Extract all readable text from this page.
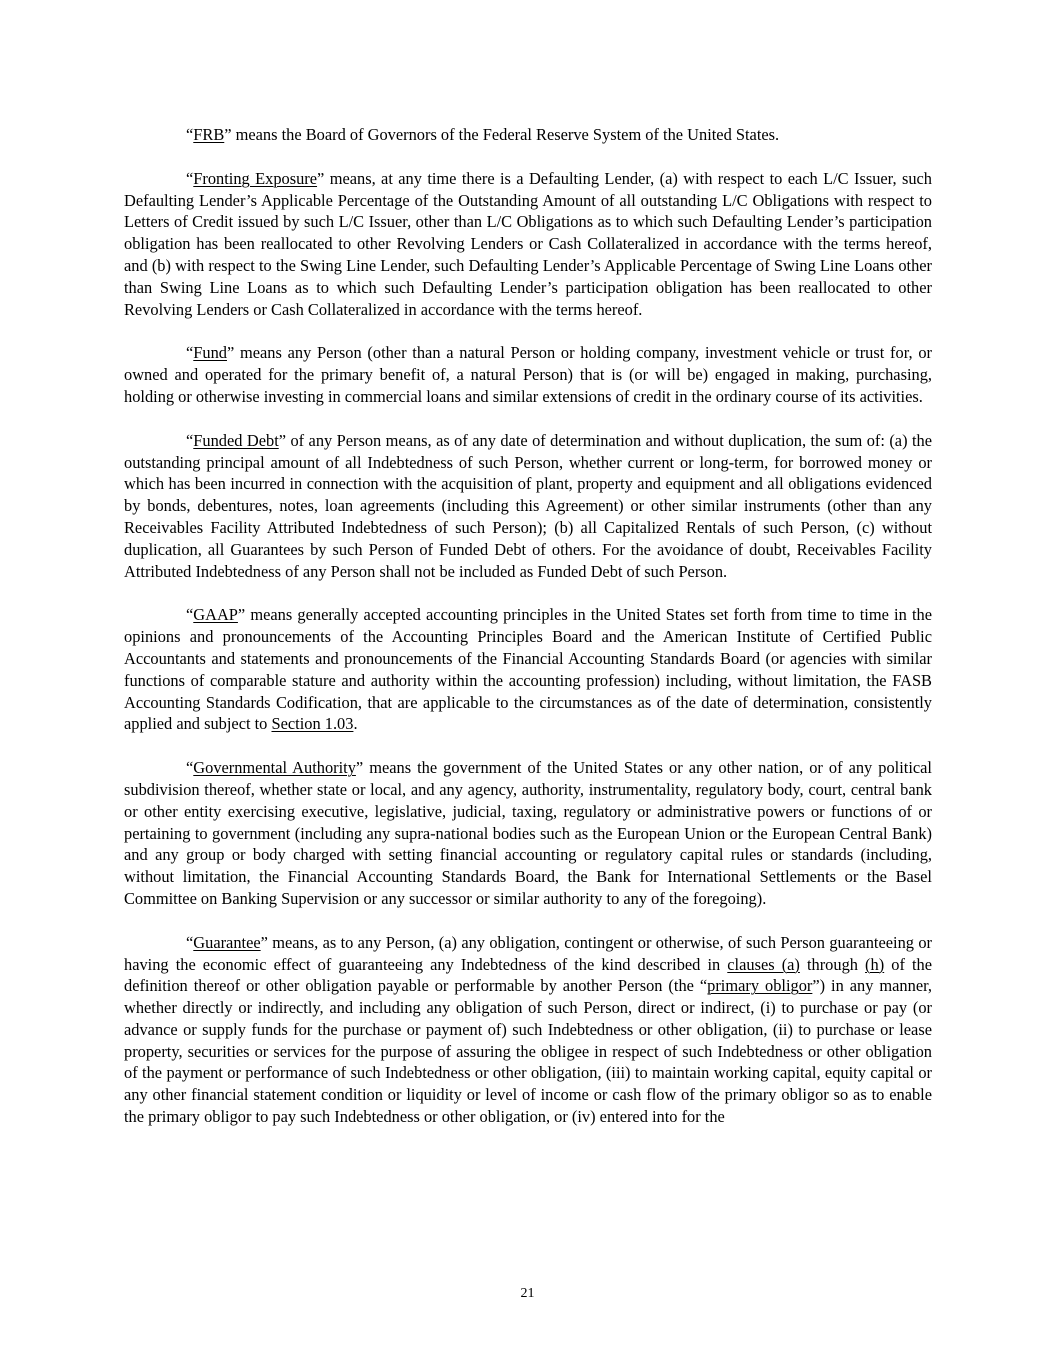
“FRB” means the Board of Governors of the Federal Reserve System of the United States.

“Fronting Exposure” means, at any time there is a Defaulting Lender, (a) with respect to each L/C Issuer, such Defaulting Lender’s Applicable Percentage of the Outstanding Amount of all outstanding L/C Obligations with respect to Letters of Credit issued by such L/C Issuer, other than L/C Obligations as to which such Defaulting Lender’s participation obligation has been reallocated to other Revolving Lenders or Cash Collateralized in accordance with the terms hereof, and (b) with respect to the Swing Line Lender, such Defaulting Lender’s Applicable Percentage of Swing Line Loans other than Swing Line Loans as to which such Defaulting Lender’s participation obligation has been reallocated to other Revolving Lenders or Cash Collateralized in accordance with the terms hereof.

“Fund” means any Person (other than a natural Person or holding company, investment vehicle or trust for, or owned and operated for the primary benefit of, a natural Person) that is (or will be) engaged in making, purchasing, holding or otherwise investing in commercial loans and similar extensions of credit in the ordinary course of its activities.

“Funded Debt” of any Person means, as of any date of determination and without duplication, the sum of: (a) the outstanding principal amount of all Indebtedness of such Person, whether current or long-term, for borrowed money or which has been incurred in connection with the acquisition of plant, property and equipment and all obligations evidenced by bonds, debentures, notes, loan agreements (including this Agreement) or other similar instruments (other than any Receivables Facility Attributed Indebtedness of such Person); (b) all Capitalized Rentals of such Person, (c) without duplication, all Guarantees by such Person of Funded Debt of others. For the avoidance of doubt, Receivables Facility Attributed Indebtedness of any Person shall not be included as Funded Debt of such Person.

“GAAP” means generally accepted accounting principles in the United States set forth from time to time in the opinions and pronouncements of the Accounting Principles Board and the American Institute of Certified Public Accountants and statements and pronouncements of the Financial Accounting Standards Board (or agencies with similar functions of comparable stature and authority within the accounting profession) including, without limitation, the FASB Accounting Standards Codification, that are applicable to the circumstances as of the date of determination, consistently applied and subject to Section 1.03.

“Governmental Authority” means the government of the United States or any other nation, or of any political subdivision thereof, whether state or local, and any agency, authority, instrumentality, regulatory body, court, central bank or other entity exercising executive, legislative, judicial, taxing, regulatory or administrative powers or functions of or pertaining to government (including any supra-national bodies such as the European Union or the European Central Bank) and any group or body charged with setting financial accounting or regulatory capital rules or standards (including, without limitation, the Financial Accounting Standards Board, the Bank for International Settlements or the Basel Committee on Banking Supervision or any successor or similar authority to any of the foregoing).

“Guarantee” means, as to any Person, (a) any obligation, contingent or otherwise, of such Person guaranteeing or having the economic effect of guaranteeing any Indebtedness of the kind described in clauses (a) through (h) of the definition thereof or other obligation payable or performable by another Person (the “primary obligor”) in any manner, whether directly or indirectly, and including any obligation of such Person, direct or indirect, (i) to purchase or pay (or advance or supply funds for the purchase or payment of) such Indebtedness or other obligation, (ii) to purchase or lease property, securities or services for the purpose of assuring the obligee in respect of such Indebtedness or other obligation of the payment or performance of such Indebtedness or other obligation, (iii) to maintain working capital, equity capital or any other financial statement condition or liquidity or level of income or cash flow of the primary obligor so as to enable the primary obligor to pay such Indebtedness or other obligation, or (iv) entered into for the

21
